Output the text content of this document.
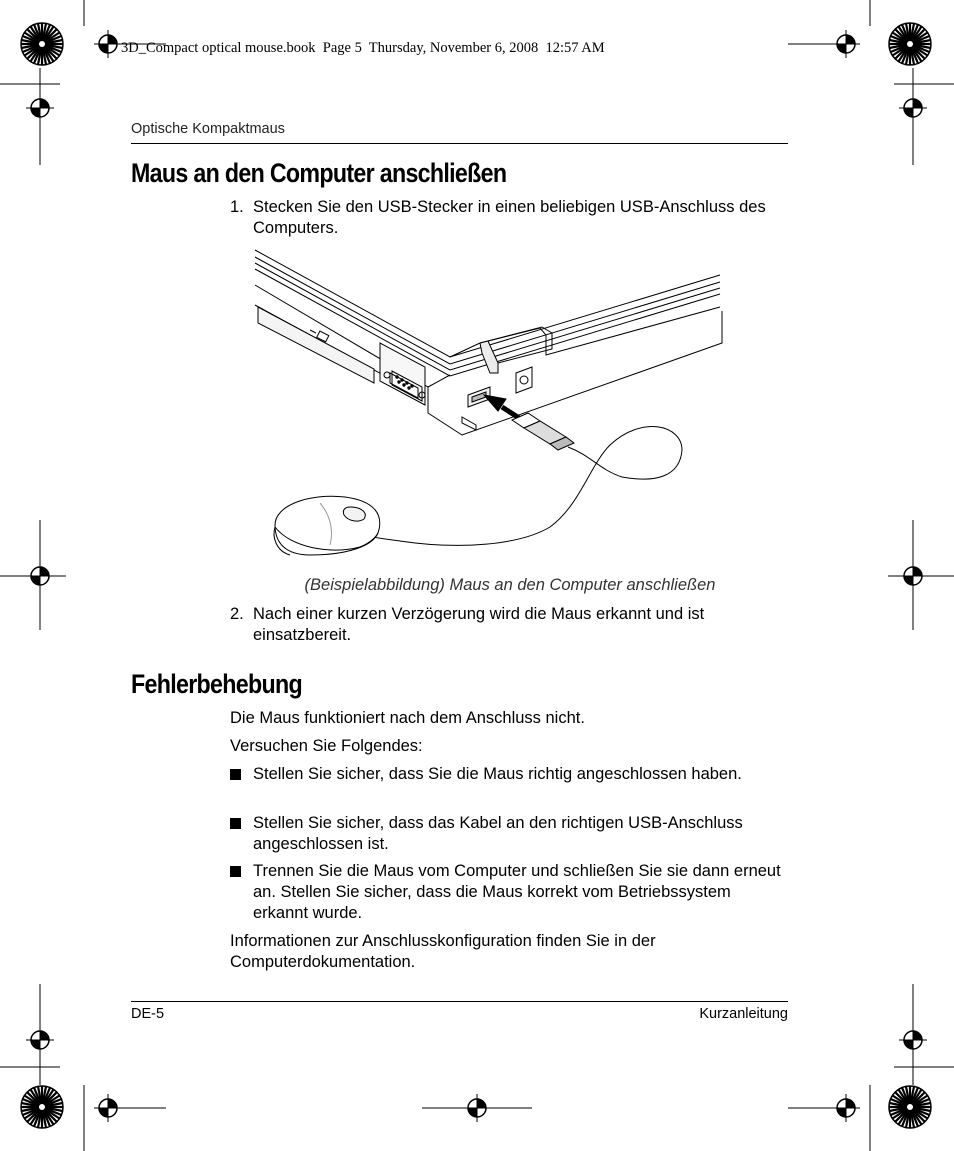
3D_Compact optical mouse.book  Page 5  Thursday, November 6, 2008  12:57 AM
Optische Kompaktmaus
Maus an den Computer anschließen
1. Stecken Sie den USB-Stecker in einen beliebigen USB-Anschluss des Computers.
(Beispielabbildung) Maus an den Computer anschließen
2. Nach einer kurzen Verzögerung wird die Maus erkannt und ist einsatzbereit.
Fehlerbehebung
Die Maus funktioniert nach dem Anschluss nicht.
Versuchen Sie Folgendes:
Stellen Sie sicher, dass Sie die Maus richtig angeschlossen haben.
Stellen Sie sicher, dass das Kabel an den richtigen USB-Anschluss angeschlossen ist.
Trennen Sie die Maus vom Computer und schließen Sie sie dann erneut an. Stellen Sie sicher, dass die Maus korrekt vom Betriebssystem erkannt wurde.
Informationen zur Anschlusskonfiguration finden Sie in der Computerdokumentation.
DE-5	Kurzanleitung
